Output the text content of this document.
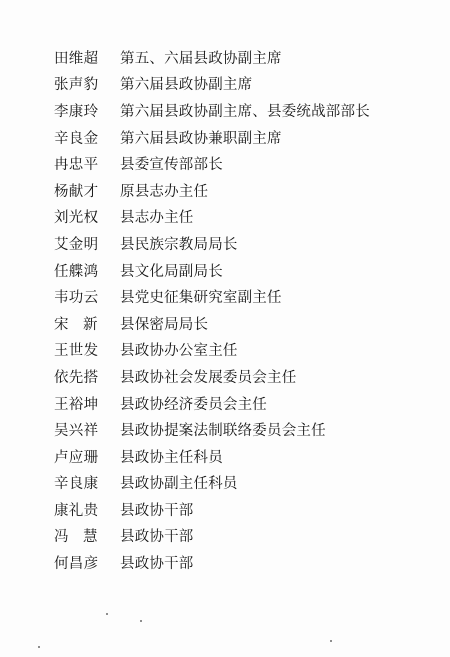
田维超	第五、六届县政协副主席
张声豹	第六届县政协副主席
李康玲	第六届县政协副主席、县委统战部部长
辛良金	第六届县政协兼职副主席
冉忠平	县委宣传部部长
杨献才	原县志办主任
刘光权	县志办主任
艾金明	县民族宗教局局长
任艓鸿	县文化局副局长
韦功云	县党史征集研究室副主任
宋　新	县保密局局长
王世发	县政协办公室主任
依先搭	县政协社会发展委员会主任
王裕坤	县政协经济委员会主任
吴兴祥	县政协提案法制联络委员会主任
卢应珊	县政协主任科员
辛良康	县政协副主任科员
康礼贵	县政协干部
冯　慧	县政协干部
何昌彦	县政协干部
